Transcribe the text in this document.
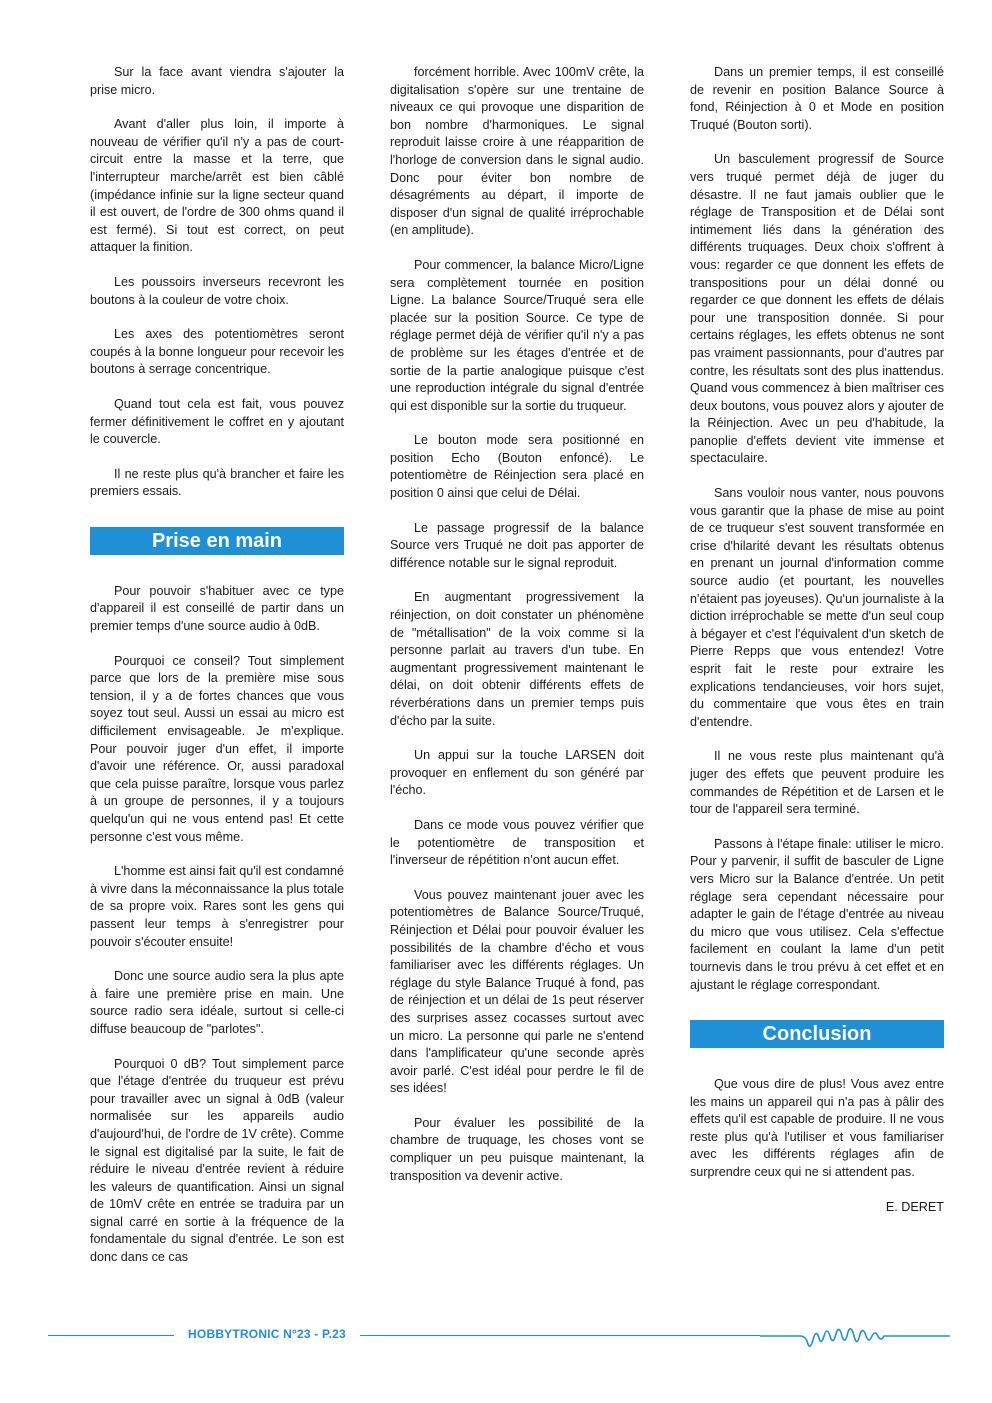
Sur la face avant viendra s'ajouter la prise micro.

Avant d'aller plus loin, il importe à nouveau de vérifier qu'il n'y a pas de court-circuit entre la masse et la terre, que l'interrupteur marche/arrêt est bien câblé (impédance infinie sur la ligne secteur quand il est ouvert, de l'ordre de 300 ohms quand il est fermé). Si tout est correct, on peut attaquer la finition.

Les poussoirs inverseurs recevront les boutons à la couleur de votre choix.

Les axes des potentiomètres seront coupés à la bonne longueur pour recevoir les boutons à serrage concentrique.

Quand tout cela est fait, vous pouvez fermer définitivement le coffret en y ajoutant le couvercle.

Il ne reste plus qu'à brancher et faire les premiers essais.

Prise en main

Pour pouvoir s'habituer avec ce type d'appareil il est conseillé de partir dans un premier temps d'une source audio à 0dB.

Pourquoi ce conseil? Tout simplement parce que lors de la première mise sous tension, il y a de fortes chances que vous soyez tout seul. Aussi un essai au micro est difficilement envisageable. Je m'explique. Pour pouvoir juger d'un effet, il importe d'avoir une référence. Or, aussi paradoxal que cela puisse paraître, lorsque vous parlez à un groupe de personnes, il y a toujours quelqu'un qui ne vous entend pas! Et cette personne c'est vous même.

L'homme est ainsi fait qu'il est condamné à vivre dans la méconnaissance la plus totale de sa propre voix. Rares sont les gens qui passent leur temps à s'enregistrer pour pouvoir s'écouter ensuite!

Donc une source audio sera la plus apte à faire une première prise en main. Une source radio sera idéale, surtout si celle-ci diffuse beaucoup de "parlotes".

Pourquoi 0 dB? Tout simplement parce que l'étage d'entrée du truqueur est prévu pour travailler avec un signal à 0dB (valeur normalisée sur les appareils audio d'aujourd'hui, de l'ordre de 1V crête). Comme le signal est digitalisé par la suite, le fait de réduire le niveau d'entrée revient à réduire les valeurs de quantification. Ainsi un signal de 10mV crête en entrée se traduira par un signal carré en sortie à la fréquence de la fondamentale du signal d'entrée. Le son est donc dans ce cas

forcément horrible. Avec 100mV crête, la digitalisation s'opère sur une trentaine de niveaux ce qui provoque une disparition de bon nombre d'harmoniques. Le signal reproduit laisse croire à une réapparition de l'horloge de conversion dans le signal audio. Donc pour éviter bon nombre de désagréments au départ, il importe de disposer d'un signal de qualité irréprochable (en amplitude).

Pour commencer, la balance Micro/Ligne sera complètement tournée en position Ligne. La balance Source/Truqué sera elle placée sur la position Source. Ce type de réglage permet déjà de vérifier qu'il n'y a pas de problème sur les étages d'entrée et de sortie de la partie analogique puisque c'est une reproduction intégrale du signal d'entrée qui est disponible sur la sortie du truqueur.

Le bouton mode sera positionné en position Echo (Bouton enfoncé). Le potentiomètre de Réinjection sera placé en position 0 ainsi que celui de Délai.

Le passage progressif de la balance Source vers Truqué ne doit pas apporter de différence notable sur le signal reproduit.

En augmentant progressivement la réinjection, on doit constater un phénomène de "métallisation" de la voix comme si la personne parlait au travers d'un tube. En augmentant progressivement maintenant le délai, on doit obtenir différents effets de réverbérations dans un premier temps puis d'écho par la suite.

Un appui sur la touche LARSEN doit provoquer en enflement du son généré par l'écho.

Dans ce mode vous pouvez vérifier que le potentiomètre de transposition et l'inverseur de répétition n'ont aucun effet.

Vous pouvez maintenant jouer avec les potentiomètres de Balance Source/Truqué, Réinjection et Délai pour pouvoir évaluer les possibilités de la chambre d'écho et vous familiariser avec les différents réglages. Un réglage du style Balance Truqué à fond, pas de réinjection et un délai de 1s peut réserver des surprises assez cocasses surtout avec un micro. La personne qui parle ne s'entend dans l'amplificateur qu'une seconde après avoir parlé. C'est idéal pour perdre le fil de ses idées!

Pour évaluer les possibilité de la chambre de truquage, les choses vont se compliquer un peu puisque maintenant, la transposition va devenir active.

Dans un premier temps, il est conseillé de revenir en position Balance Source à fond, Réinjection à 0 et Mode en position Truqué (Bouton sorti).

Un basculement progressif de Source vers truqué permet déjà de juger du désastre. Il ne faut jamais oublier que le réglage de Transposition et de Délai sont intimement liés dans la génération des différents truquages. Deux choix s'offrent à vous: regarder ce que donnent les effets de transpositions pour un délai donné ou regarder ce que donnent les effets de délais pour une transposition donnée. Si pour certains réglages, les effets obtenus ne sont pas vraiment passionnants, pour d'autres par contre, les résultats sont des plus inattendus. Quand vous commencez à bien maîtriser ces deux boutons, vous pouvez alors y ajouter de la Réinjection. Avec un peu d'habitude, la panoplie d'effets devient vite immense et spectaculaire.

Sans vouloir nous vanter, nous pouvons vous garantir que la phase de mise au point de ce truqueur s'est souvent transformée en crise d'hilarité devant les résultats obtenus en prenant un journal d'information comme source audio (et pourtant, les nouvelles n'étaient pas joyeuses). Qu'un journaliste à la diction irréprochable se mette d'un seul coup à bégayer et c'est l'équivalent d'un sketch de Pierre Repps que vous entendez! Votre esprit fait le reste pour extraire les explications tendancieuses, voir hors sujet, du commentaire que vous êtes en train d'entendre.

Il ne vous reste plus maintenant qu'à juger des effets que peuvent produire les commandes de Répétition et de Larsen et le tour de l'appareil sera terminé.

Passons à l'étape finale: utiliser le micro. Pour y parvenir, il suffit de basculer de Ligne vers Micro sur la Balance d'entrée. Un petit réglage sera cependant nécessaire pour adapter le gain de l'étage d'entrée au niveau du micro que vous utilisez. Cela s'effectue facilement en coulant la lame d'un petit tournevis dans le trou prévu à cet effet et en ajustant le réglage correspondant.

Conclusion

Que vous dire de plus! Vous avez entre les mains un appareil qui n'a pas à pâlir des effets qu'il est capable de produire. Il ne vous reste plus qu'à l'utiliser et vous familiariser avec les différents réglages afin de surprendre ceux qui ne si attendent pas.

E. DERET

HOBBYTRONIC N°23 - P.23
